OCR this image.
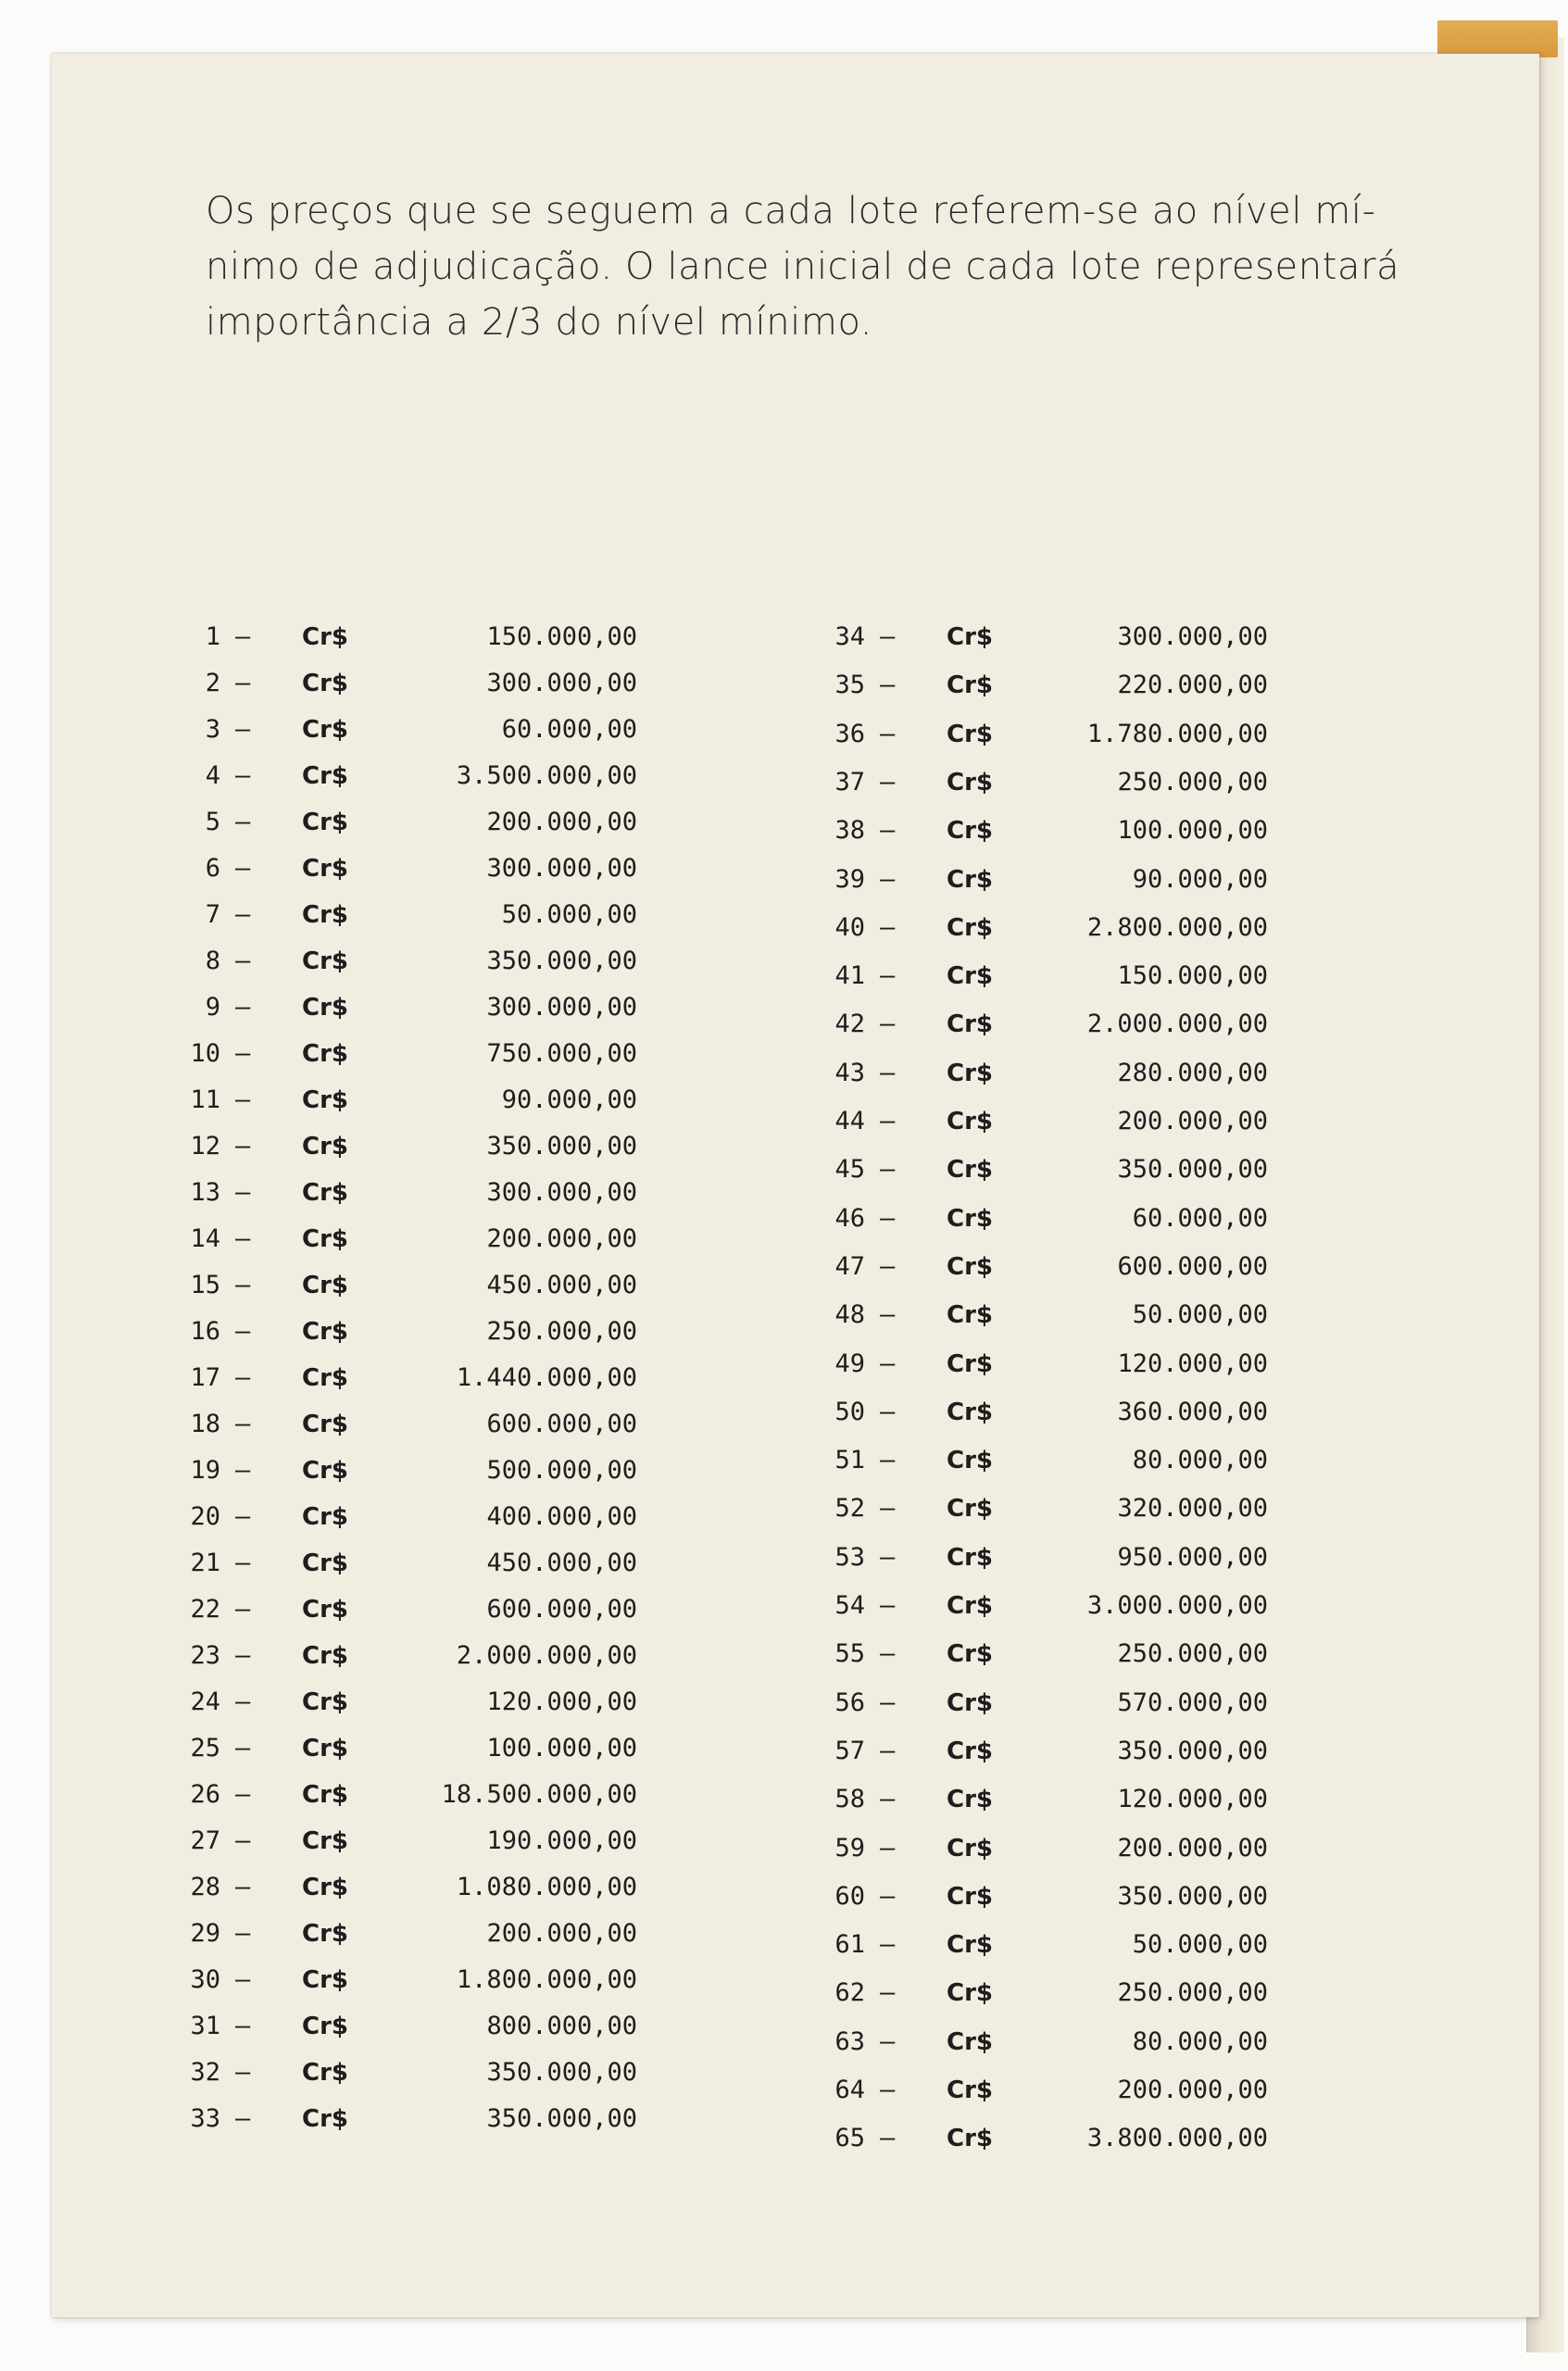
Os preços que se seguem a cada lote referem-se ao nível mí-
nimo de adjudicação. O lance inicial de cada lote representará
importância a 2/3 do nível mínimo.

1 — Cr$	150.000,00
2 — Cr$	300.000,00
3 — Cr$	60.000,00
4 — Cr$	3.500.000,00
5 — Cr$	200.000,00
6 — Cr$	300.000,00
7 — Cr$	50.000,00
8 — Cr$	350.000,00
9 — Cr$	300.000,00
10 — Cr$	750.000,00
11 — Cr$	90.000,00
12 — Cr$	350.000,00
13 — Cr$	300.000,00
14 — Cr$	200.000,00
15 — Cr$	450.000,00
16 — Cr$	250.000,00
17 — Cr$	1.440.000,00
18 — Cr$	600.000,00
19 — Cr$	500.000,00
20 — Cr$	400.000,00
21 — Cr$	450.000,00
22 — Cr$	600.000,00
23 — Cr$	2.000.000,00
24 — Cr$	120.000,00
25 — Cr$	100.000,00
26 — Cr$	18.500.000,00
27 — Cr$	190.000,00
28 — Cr$	1.080.000,00
29 — Cr$	200.000,00
30 — Cr$	1.800.000,00
31 — Cr$	800.000,00
32 — Cr$	350.000,00
33 — Cr$	350.000,00
34 — Cr$	300.000,00
35 — Cr$	220.000,00
36 — Cr$	1.780.000,00
37 — Cr$	250.000,00
38 — Cr$	100.000,00
39 — Cr$	90.000,00
40 — Cr$	2.800.000,00
41 — Cr$	150.000,00
42 — Cr$	2.000.000,00
43 — Cr$	280.000,00
44 — Cr$	200.000,00
45 — Cr$	350.000,00
46 — Cr$	60.000,00
47 — Cr$	600.000,00
48 — Cr$	50.000,00
49 — Cr$	120.000,00
50 — Cr$	360.000,00
51 — Cr$	80.000,00
52 — Cr$	320.000,00
53 — Cr$	950.000,00
54 — Cr$	3.000.000,00
55 — Cr$	250.000,00
56 — Cr$	570.000,00
57 — Cr$	350.000,00
58 — Cr$	120.000,00
59 — Cr$	200.000,00
60 — Cr$	350.000,00
61 — Cr$	50.000,00
62 — Cr$	250.000,00
63 — Cr$	80.000,00
64 — Cr$	200.000,00
65 — Cr$	3.800.000,00
